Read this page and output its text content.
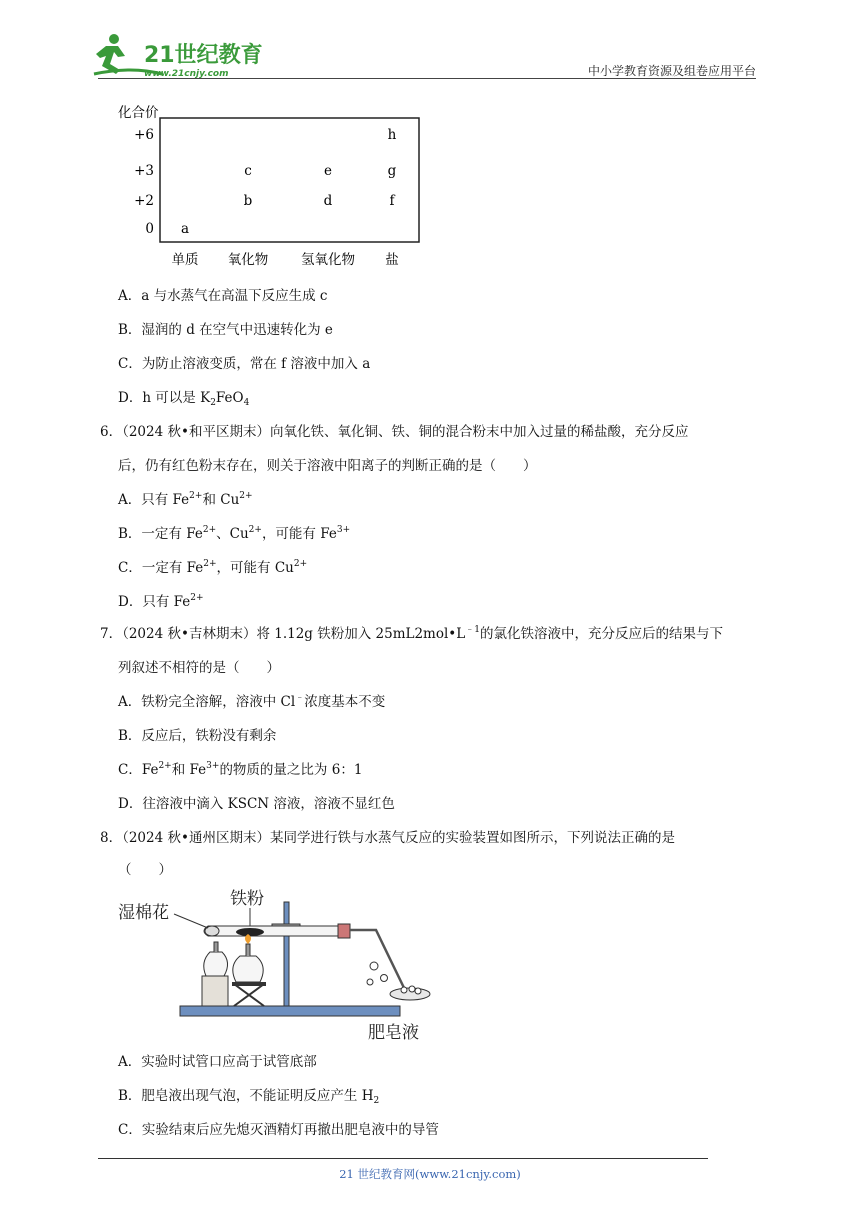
21世纪教育
www.21cnjy.com	中小学教育资源及组卷应用平台
化合价
+6
+3
+2
0
单质 氧化物 氢氧化物 盐
a
b
c
d
e
f
g
h
A．a 与水蒸气在高温下反应生成 c
B．湿润的 d 在空气中迅速转化为 e
C．为防止溶液变质，常在 f 溶液中加入 a
D．h 可以是 $K_2FeO_4$
6．（2024 秋•和平区期末）向氧化铁、氧化铜、铁、铜的混合粉末中加入过量的稀盐酸，充分反应
后，仍有红色粉末存在，则关于溶液中阳离子的判断正确的是（　　）
A．只有 $Fe^{2+}$和 $Cu^{2+}$
B．一定有 $Fe^{2+}$、$Cu^{2+}$，可能有 $Fe^{3+}$
C．一定有 $Fe^{2+}$，可能有 $Cu^{2+}$
D．只有 $Fe^{2+}$
7．（2024 秋•吉林期末）将 1.12g 铁粉加入 $25mL2mol•L^{﹣1}$的氯化铁溶液中，充分反应后的结果与下
列叙述不相符的是（　　）
A．铁粉完全溶解，溶液中 Cl﹣浓度基本不变
B．反应后，铁粉没有剩余
C．$Fe^{2+}$和 $Fe^{3+}$的物质的量之比为 6：1
D．往溶液中滴入 KSCN 溶液，溶液不显红色
8．（2024 秋•通州区期末）某同学进行铁与水蒸气反应的实验装置如图所示，下列说法正确的是
（　　）
湿棉花
铁粉
肥皂液
A．实验时试管口应高于试管底部
B．肥皂液出现气泡，不能证明反应产生 $H_2$
C．实验结束后应先熄灭酒精灯再撤出肥皂液中的导管
21 世纪教育网(www.21cnjy.com)
